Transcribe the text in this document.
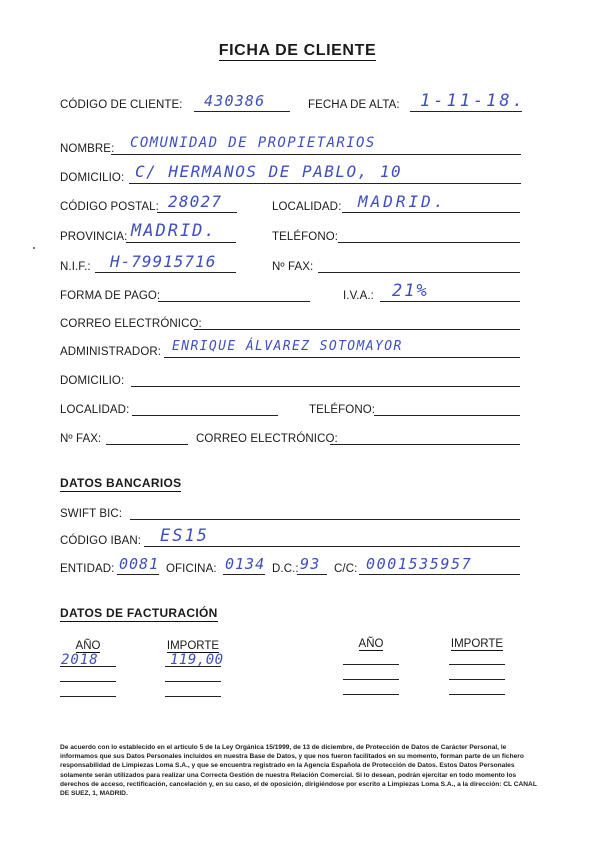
FICHA DE CLIENTE
CÓDIGO DE CLIENTE: 430386	FECHA DE ALTA: 1-11-18.
NOMBRE: COMUNIDAD DE PROPIETARIOS
DOMICILIO: C/ HERMANOS DE PABLO, 10
CÓDIGO POSTAL: 28027	LOCALIDAD: MADRID.
PROVINCIA: MADRID.	TELÉFONO:
N.I.F.: H-79915716	Nº FAX:
FORMA DE PAGO:	I.V.A.: 21%
CORREO ELECTRÓNICO:
ADMINISTRADOR: ENRIQUE ÁLVAREZ SOTOMAYOR
DOMICILIO:
LOCALIDAD:	TELÉFONO:
Nº FAX:	CORREO ELECTRÓNICO:
DATOS BANCARIOS
SWIFT BIC:
CÓDIGO IBAN: ES15
ENTIDAD: 0081 OFICINA: 0134 D.C.: 93 C/C: 0001535957
DATOS DE FACTURACIÓN
AÑO	IMPORTE	AÑO	IMPORTE
2018	119,00
De acuerdo con lo establecido en el artículo 5 de la Ley Orgánica 15/1999, de 13 de diciembre, de Protección de Datos de Carácter Personal, le informamos que sus Datos Personales incluidos en nuestra Base de Datos, y que nos fueron facilitados en su momento, forman parte de un fichero responsabilidad de Limpiezas Loma S.A., y que se encuentra registrado en la Agencia Española de Protección de Datos. Estos Datos Personales solamente serán utilizados para realizar una Correcta Gestión de nuestra Relación Comercial. Si lo desean, podrán ejercitar en todo momento los derechos de acceso, rectificación, cancelación y, en su caso, el de oposición, dirigiéndose por escrito a Limpiezas Loma S.A., a la dirección: CL CANAL DE SUEZ, 1, MADRID.
